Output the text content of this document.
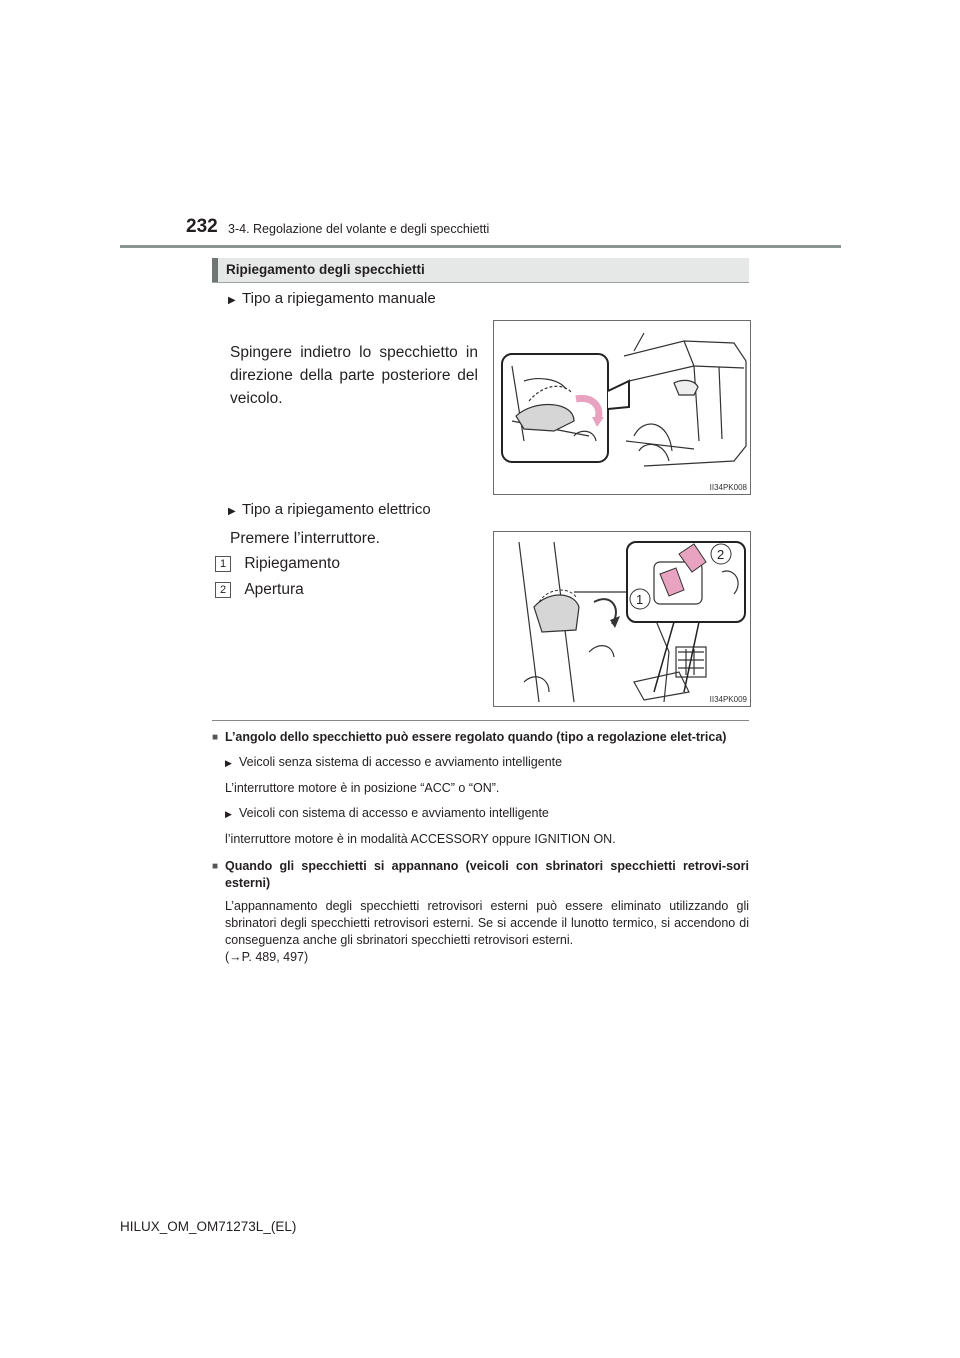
232 3-4. Regolazione del volante e degli specchietti
Ripiegamento degli specchietti
▶ Tipo a ripiegamento manuale
Spingere indietro lo specchietto in direzione della parte posteriore del veicolo.
II34PK008
▶ Tipo a ripiegamento elettrico
Premere l’interruttore.
1 Ripiegamento
2 Apertura
2
1
II34PK009
■ L’angolo dello specchietto può essere regolato quando (tipo a regolazione elet-trica)
▶ Veicoli senza sistema di accesso e avviamento intelligente
L’interruttore motore è in posizione “ACC” o “ON”.
▶ Veicoli con sistema di accesso e avviamento intelligente
l’interruttore motore è in modalità ACCESSORY oppure IGNITION ON.
■ Quando gli specchietti si appannano (veicoli con sbrinatori specchietti retrovi-sori esterni)
L’appannamento degli specchietti retrovisori esterni può essere eliminato utilizzando gli sbrinatori degli specchietti retrovisori esterni. Se si accende il lunotto termico, si accendono di conseguenza anche gli sbrinatori specchietti retrovisori esterni.
(→P. 489, 497)
HILUX_OM_OM71273L_(EL)
